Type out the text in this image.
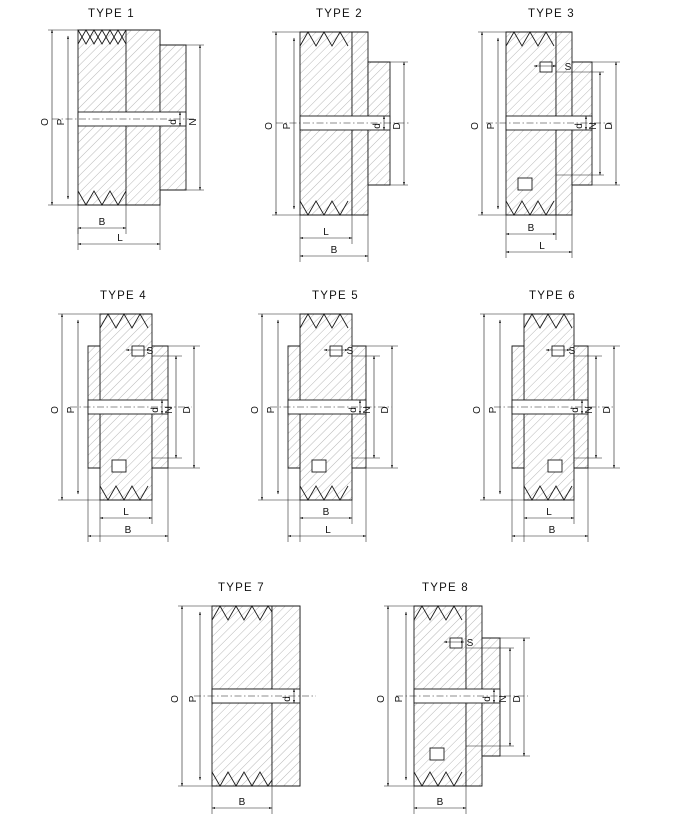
O P	d N
B
L
O P	d D
L
B
O P
S
d N D
B
L
O P
S
d N D
L
B
O P
S
d N D
B
L
O P
S
d N D
L
B
O P	d
B
O P
S
d N D
B
TYPE 1	TYPE 2	TYPE 3
TYPE 4	TYPE 5	TYPE 6
TYPE 7	TYPE 8
